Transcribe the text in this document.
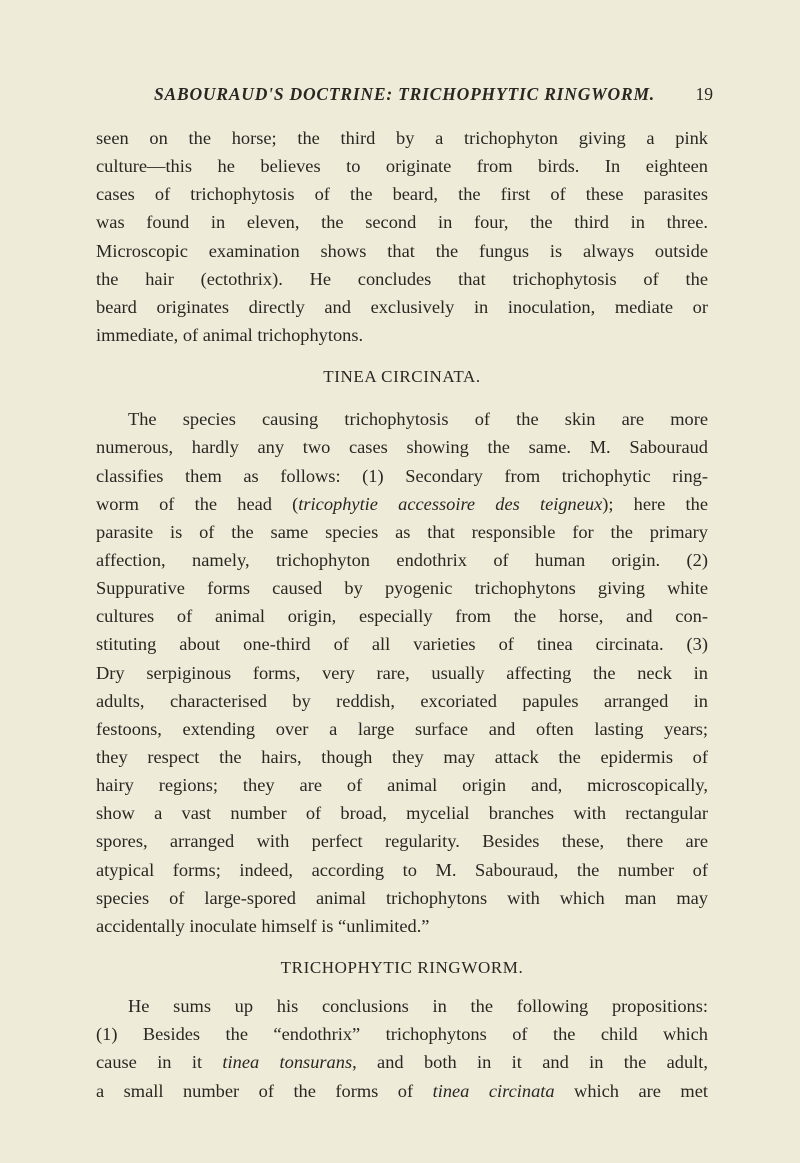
SABOURAUD'S DOCTRINE: TRICHOPHYTIC RINGWORM.	19
seen on the horse; the third by a trichophyton giving a pink
culture—this he believes to originate from birds. In eighteen
cases of trichophytosis of the beard, the first of these parasites
was found in eleven, the second in four, the third in three.
Microscopic examination shows that the fungus is always outside
the hair (ectothrix). He concludes that trichophytosis of the
beard originates directly and exclusively in inoculation, mediate or
immediate, of animal trichophytons.
TINEA CIRCINATA.
The species causing trichophytosis of the skin are more
numerous, hardly any two cases showing the same. M. Sabouraud
classifies them as follows: (1) Secondary from trichophytic ring-
worm of the head (tricophytie accessoire des teigneux); here the
parasite is of the same species as that responsible for the primary
affection, namely, trichophyton endothrix of human origin. (2)
Suppurative forms caused by pyogenic trichophytons giving white
cultures of animal origin, especially from the horse, and con-
stituting about one-third of all varieties of tinea circinata. (3)
Dry serpiginous forms, very rare, usually affecting the neck in
adults, characterised by reddish, excoriated papules arranged in
festoons, extending over a large surface and often lasting years;
they respect the hairs, though they may attack the epidermis of
hairy regions; they are of animal origin and, microscopically,
show a vast number of broad, mycelial branches with rectangular
spores, arranged with perfect regularity. Besides these, there are
atypical forms; indeed, according to M. Sabouraud, the number of
species of large-spored animal trichophytons with which man may
accidentally inoculate himself is “unlimited.”
TRICHOPHYTIC RINGWORM.
He sums up his conclusions in the following propositions:
(1) Besides the “endothrix” trichophytons of the child which
cause in it tinea tonsurans, and both in it and in the adult,
a small number of the forms of tinea circinata which are met
